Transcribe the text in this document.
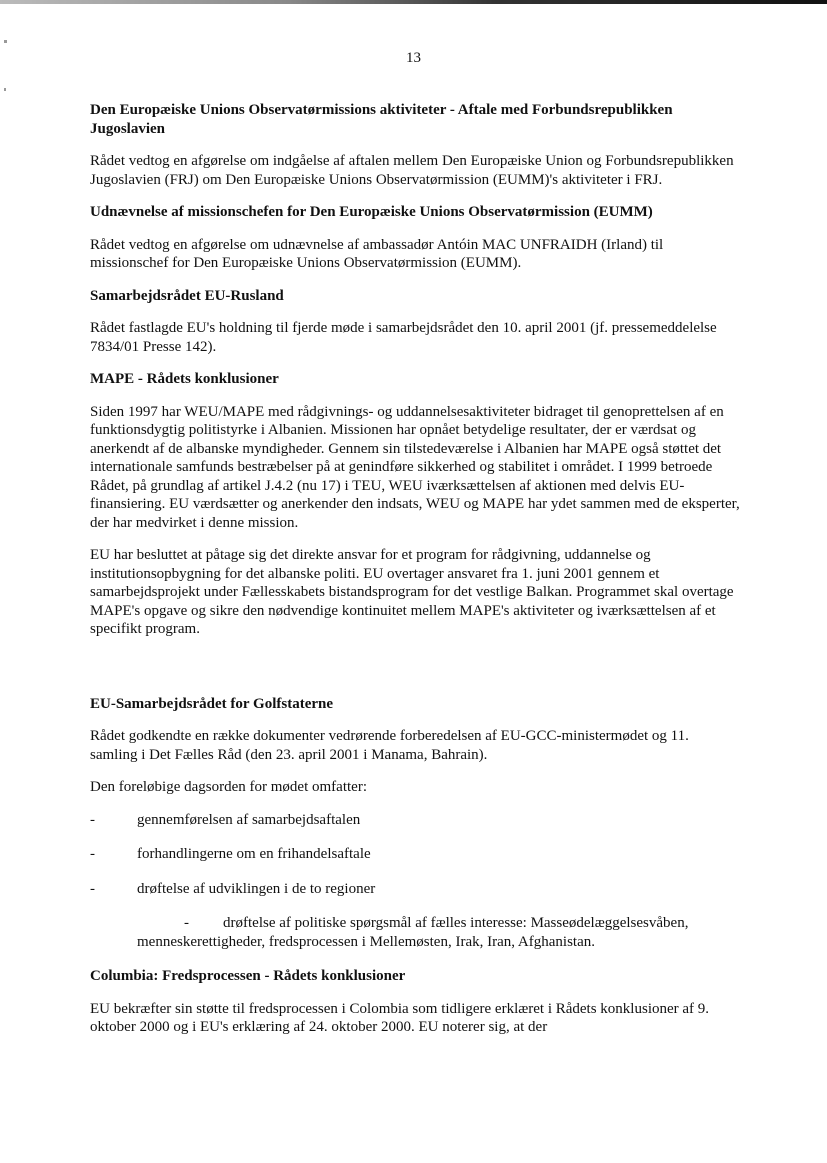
13
Den Europæiske Unions Observatørmissions aktiviteter - Aftale med Forbundsrepublikken Jugoslavien

Rådet vedtog en afgørelse om indgåelse af aftalen mellem Den Europæiske Union og Forbundsrepublikken Jugoslavien (FRJ) om Den Europæiske Unions Observatørmission (EUMM)'s aktiviteter i FRJ.

Udnævnelse af missionschefen for Den Europæiske Unions Observatørmission (EUMM)

Rådet vedtog en afgørelse om udnævnelse af ambassadør Antóin MAC UNFRAIDH (Irland) til missionschef for Den Europæiske Unions Observatørmission (EUMM).

Samarbejdsrådet EU-Rusland

Rådet fastlagde EU's holdning til fjerde møde i samarbejdsrådet den 10. april 2001 (jf. pressemeddelelse 7834/01 Presse 142).

MAPE - Rådets konklusioner

Siden 1997 har WEU/MAPE med rådgivnings- og uddannelsesaktiviteter bidraget til genoprettelsen af en funktionsdygtig politistyrke i Albanien. Missionen har opnået betydelige resultater, der er værdsat og anerkendt af de albanske myndigheder. Gennem sin tilstedeværelse i Albanien har MAPE også støttet det internationale samfunds bestræbelser på at genindføre sikkerhed og stabilitet i området. I 1999 betroede Rådet, på grundlag af artikel J.4.2 (nu 17) i TEU, WEU iværksættelsen af aktionen med delvis EU-finansiering. EU værdsætter og anerkender den indsats, WEU og MAPE har ydet sammen med de eksperter, der har medvirket i denne mission.

EU har besluttet at påtage sig det direkte ansvar for et program for rådgivning, uddannelse og institutionsopbygning for det albanske politi. EU overtager ansvaret fra 1. juni 2001 gennem et samarbejdsprojekt under Fællesskabets bistandsprogram for det vestlige Balkan. Programmet skal overtage MAPE's opgave og sikre den nødvendige kontinuitet mellem MAPE's aktiviteter og iværksættelsen af et specifikt program.

EU-Samarbejdsrådet for Golfstaterne

Rådet godkendte en række dokumenter vedrørende forberedelsen af EU-GCC-ministermødet og 11. samling i Det Fælles Råd (den 23. april 2001 i Manama, Bahrain).

Den foreløbige dagsorden for mødet omfatter:

- gennemførelsen af samarbejdsaftalen
- forhandlingerne om en frihandelsaftale
- drøftelse af udviklingen i de to regioner
- drøftelse af politiske spørgsmål af fælles interesse: Masseødelæggelsesvåben, menneskerettigheder, fredsprocessen i Mellemøsten, Irak, Iran, Afghanistan.
Columbia: Fredsprocessen - Rådets konklusioner

EU bekræfter sin støtte til fredsprocessen i Colombia som tidligere erklæret i Rådets konklusioner af 9. oktober 2000 og i EU's erklæring af 24. oktober 2000. EU noterer sig, at der
